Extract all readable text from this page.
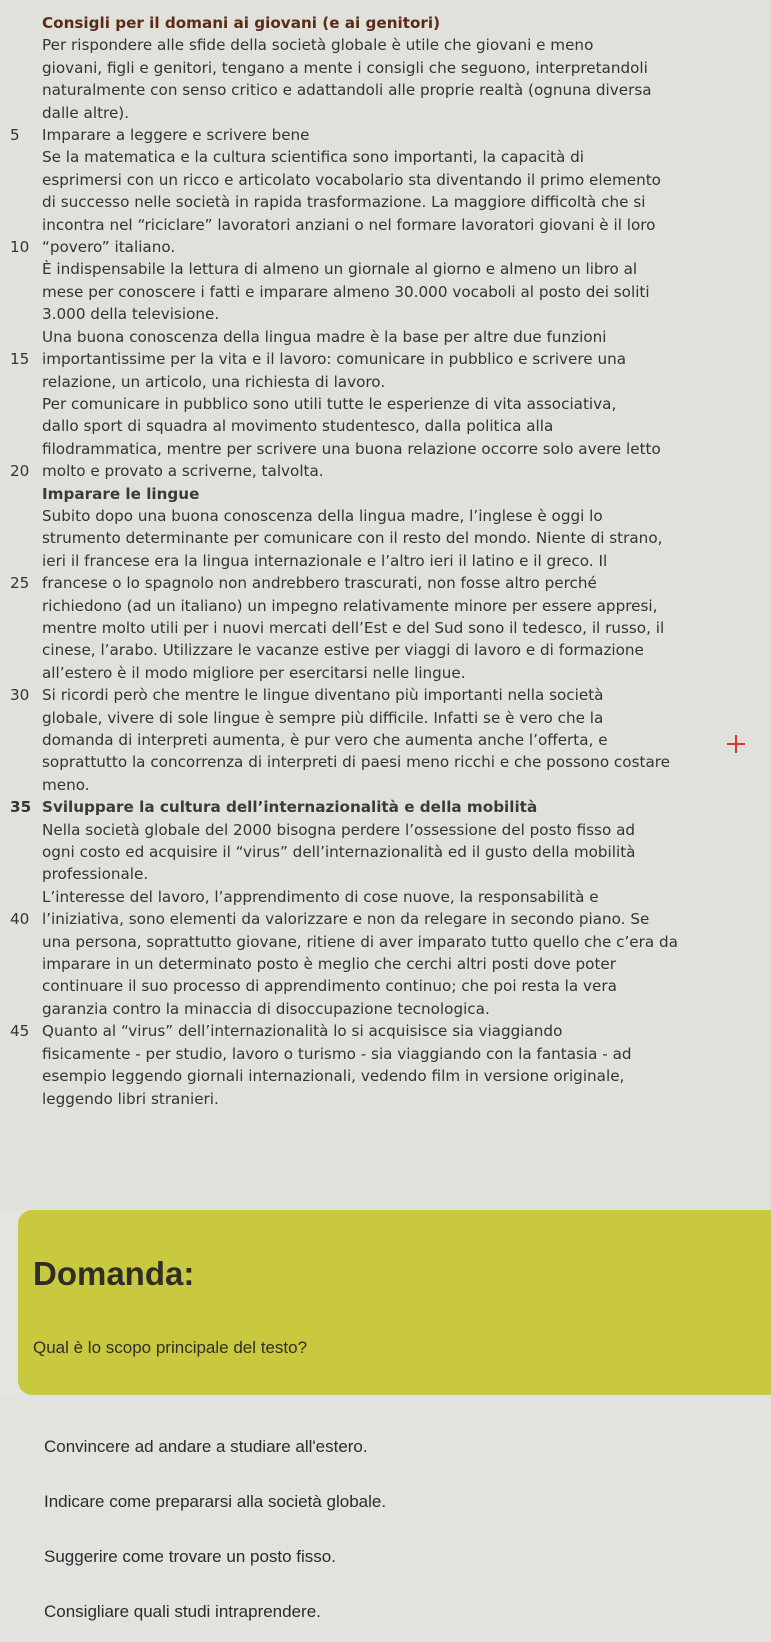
Consigli per il domani ai giovani (e ai genitori)
Per rispondere alle sfide della società globale è utile che giovani e meno
giovani, figli e genitori, tengano a mente i consigli che seguono, interpretandoli
naturalmente con senso critico e adattandoli alle proprie realtà (ognuna diversa
dalle altre).
5 Imparare a leggere e scrivere bene
Se la matematica e la cultura scientifica sono importanti, la capacità di
esprimersi con un ricco e articolato vocabolario sta diventando il primo elemento
di successo nelle società in rapida trasformazione. La maggiore difficoltà che si
incontra nel “riciclare” lavoratori anziani o nel formare lavoratori giovani è il loro
10 “povero” italiano.
È indispensabile la lettura di almeno un giornale al giorno e almeno un libro al
mese per conoscere i fatti e imparare almeno 30.000 vocaboli al posto dei soliti
3.000 della televisione.
Una buona conoscenza della lingua madre è la base per altre due funzioni
15 importantissime per la vita e il lavoro: comunicare in pubblico e scrivere una
relazione, un articolo, una richiesta di lavoro.
Per comunicare in pubblico sono utili tutte le esperienze di vita associativa,
dallo sport di squadra al movimento studentesco, dalla politica alla
filodrammatica, mentre per scrivere una buona relazione occorre solo avere letto
20 molto e provato a scriverne, talvolta.
Imparare le lingue
Subito dopo una buona conoscenza della lingua madre, l’inglese è oggi lo
strumento determinante per comunicare con il resto del mondo. Niente di strano,
ieri il francese era la lingua internazionale e l’altro ieri il latino e il greco. Il
25 francese o lo spagnolo non andrebbero trascurati, non fosse altro perché
richiedono (ad un italiano) un impegno relativamente minore per essere appresi,
mentre molto utili per i nuovi mercati dell’Est e del Sud sono il tedesco, il russo, il
cinese, l’arabo. Utilizzare le vacanze estive per viaggi di lavoro e di formazione
all’estero è il modo migliore per esercitarsi nelle lingue.
30 Si ricordi però che mentre le lingue diventano più importanti nella società
globale, vivere di sole lingue è sempre più difficile. Infatti se è vero che la
domanda di interpreti aumenta, è pur vero che aumenta anche l’offerta, e
soprattutto la concorrenza di interpreti di paesi meno ricchi e che possono costare
meno.
35 Sviluppare la cultura dell’internazionalità e della mobilità
Nella società globale del 2000 bisogna perdere l’ossessione del posto fisso ad
ogni costo ed acquisire il “virus” dell’internazionalità ed il gusto della mobilità
professionale.
L’interesse del lavoro, l’apprendimento di cose nuove, la responsabilità e
40 l’iniziativa, sono elementi da valorizzare e non da relegare in secondo piano. Se
una persona, soprattutto giovane, ritiene di aver imparato tutto quello che c’era da
imparare in un determinato posto è meglio che cerchi altri posti dove poter
continuare il suo processo di apprendimento continuo; che poi resta la vera
garanzia contro la minaccia di disoccupazione tecnologica.
45 Quanto al “virus” dell’internazionalità lo si acquisisce sia viaggiando
fisicamente - per studio, lavoro o turismo - sia viaggiando con la fantasia - ad
esempio leggendo giornali internazionali, vedendo film in versione originale,
leggendo libri stranieri.
Domanda:
Qual è lo scopo principale del testo?
Convincere ad andare a studiare all'estero.
Indicare come prepararsi alla società globale.
Suggerire come trovare un posto fisso.
Consigliare quali studi intraprendere.
